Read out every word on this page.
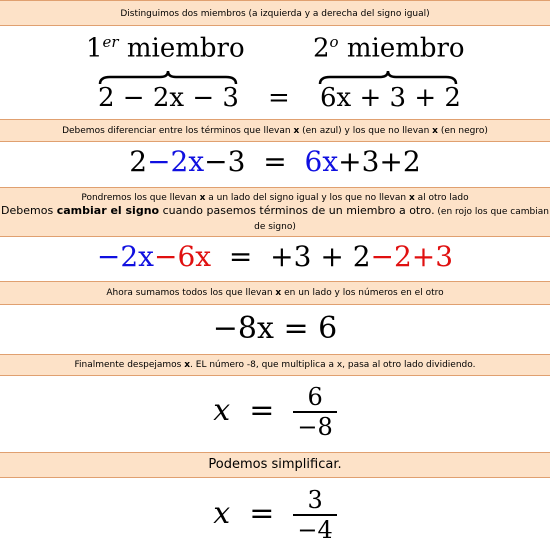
Distinguimos dos miembros (a izquierda y a derecha del signo igual)
1er miembro	2$^o$ miembro
2 − 2x − 3 = 6x + 3 + 2
Debemos diferenciar entre los términos que llevan x (en azul) y los que no llevan x (en negro)
2−2x−3 = 6x+3+2
Pondremos los que llevan x a un lado del signo igual y los que no llevan x al otro lado
Debemos cambiar el signo cuando pasemos términos de un miembro a otro. (en rojo los que cambian de signo)
−2x−6x = +3 + 2−2+3
Ahora sumamos todos los que llevan x en un lado y los números en el otro
−8x = 6
Finalmente despejamos x. EL número -8, que multiplica a x, pasa al otro lado dividiendo.
$x = \frac{6}{-8}$
Podemos simplificar.
$x = \frac{3}{-4}$
